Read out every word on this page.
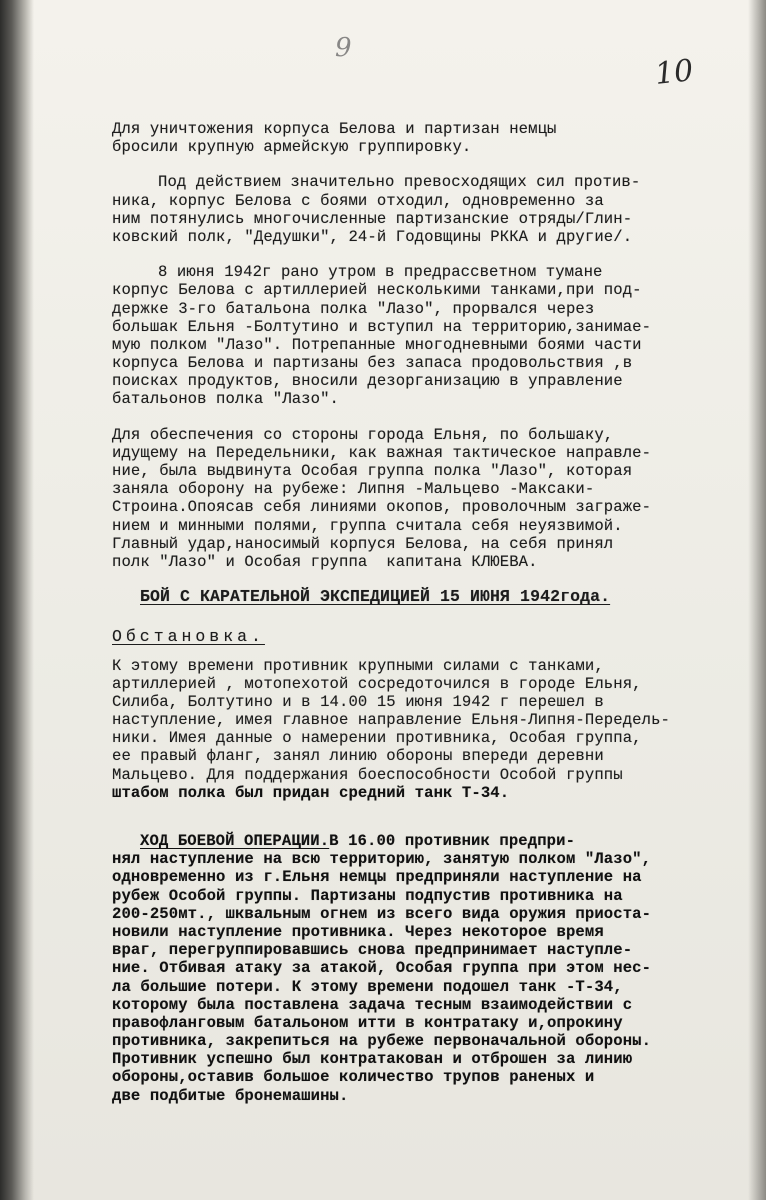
9
10
Для уничтожения корпуса Белова и партизан немцы
бросили крупную армейскую группировку.
Под действием значительно превосходящих сил против-
ника, корпус Белова с боями отходил, одновременно за
ним потянулись многочисленные партизанские отряды/Глин-
ковский полк, "Дедушки", 24-й Годовщины РККА и другие/.
8 июня 1942г рано утром в предрассветном тумане
корпус Белова с артиллерией несколькими танками,при под-
держке 3-го батальона полка "Лазо", прорвался через
большак Ельня -Болтутино и вступил на территорию,занимае-
мую полком "Лазо". Потрепанные многодневными боями части
корпуса Белова и партизаны без запаса продовольствия ,в
поисках продуктов, вносили дезорганизацию в управление
батальонов полка "Лазо".
Для обеспечения со стороны города Ельня, по большаку,
идущему на Передельники, как важная тактическое направле-
ние, была выдвинута Особая группа полка "Лазо", которая
заняла оборону на рубеже: Липня -Мальцево -Максаки-
Строина.Опоясав себя линиями окопов, проволочным заграже-
нием и минными полями, группа считала себя неуязвимой.
Главный удар,наносимый корпуся Белова, на себя принял
полк "Лазо" и Особая группа  капитана КЛЮЕВА.
БОЙ С КАРАТЕЛЬНОЙ ЭКСПЕДИЦИЕЙ 15 ИЮНЯ 1942года.
Обстановка.
К этому времени противник крупными силами с танками,
артиллерией , мотопехотой сосредоточился в городе Ельня,
Силиба, Болтутино и в 14.00 15 июня 1942 г перешел в
наступление, имея главное направление Ельня-Липня-Передель-
ники. Имея данные о намерении противника, Особая группа,
ее правый фланг, занял линию обороны впереди деревни
Мальцево. Для поддержания боеспособности Особой группы
штабом полка был придан средний танк Т-34.
ХОД БОЕВОЙ ОПЕРАЦИИ.В 16.00 противник предпри-
нял наступление на всю территорию, занятую полком "Лазо",
одновременно из г.Ельня немцы предприняли наступление на
рубеж Особой группы. Партизаны подпустив противника на
200-250мт., шквальным огнем из всего вида оружия приоста-
новили наступление противника. Через некоторое время
враг, перегруппировавшись снова предпринимает наступле-
ние. Отбивая атаку за атакой, Особая группа при этом нес-
ла большие потери. К этому времени подошел танк -Т-34,
которому была поставлена задача тесным взаимодействии с
правофланговым батальоном итти в контратаку и,опрокину
противника, закрепиться на рубеже первоначальной обороны.
Противник успешно был контратакован и отброшен за линию
обороны,оставив большое количество трупов раненых и
две подбитые бронемашины.
